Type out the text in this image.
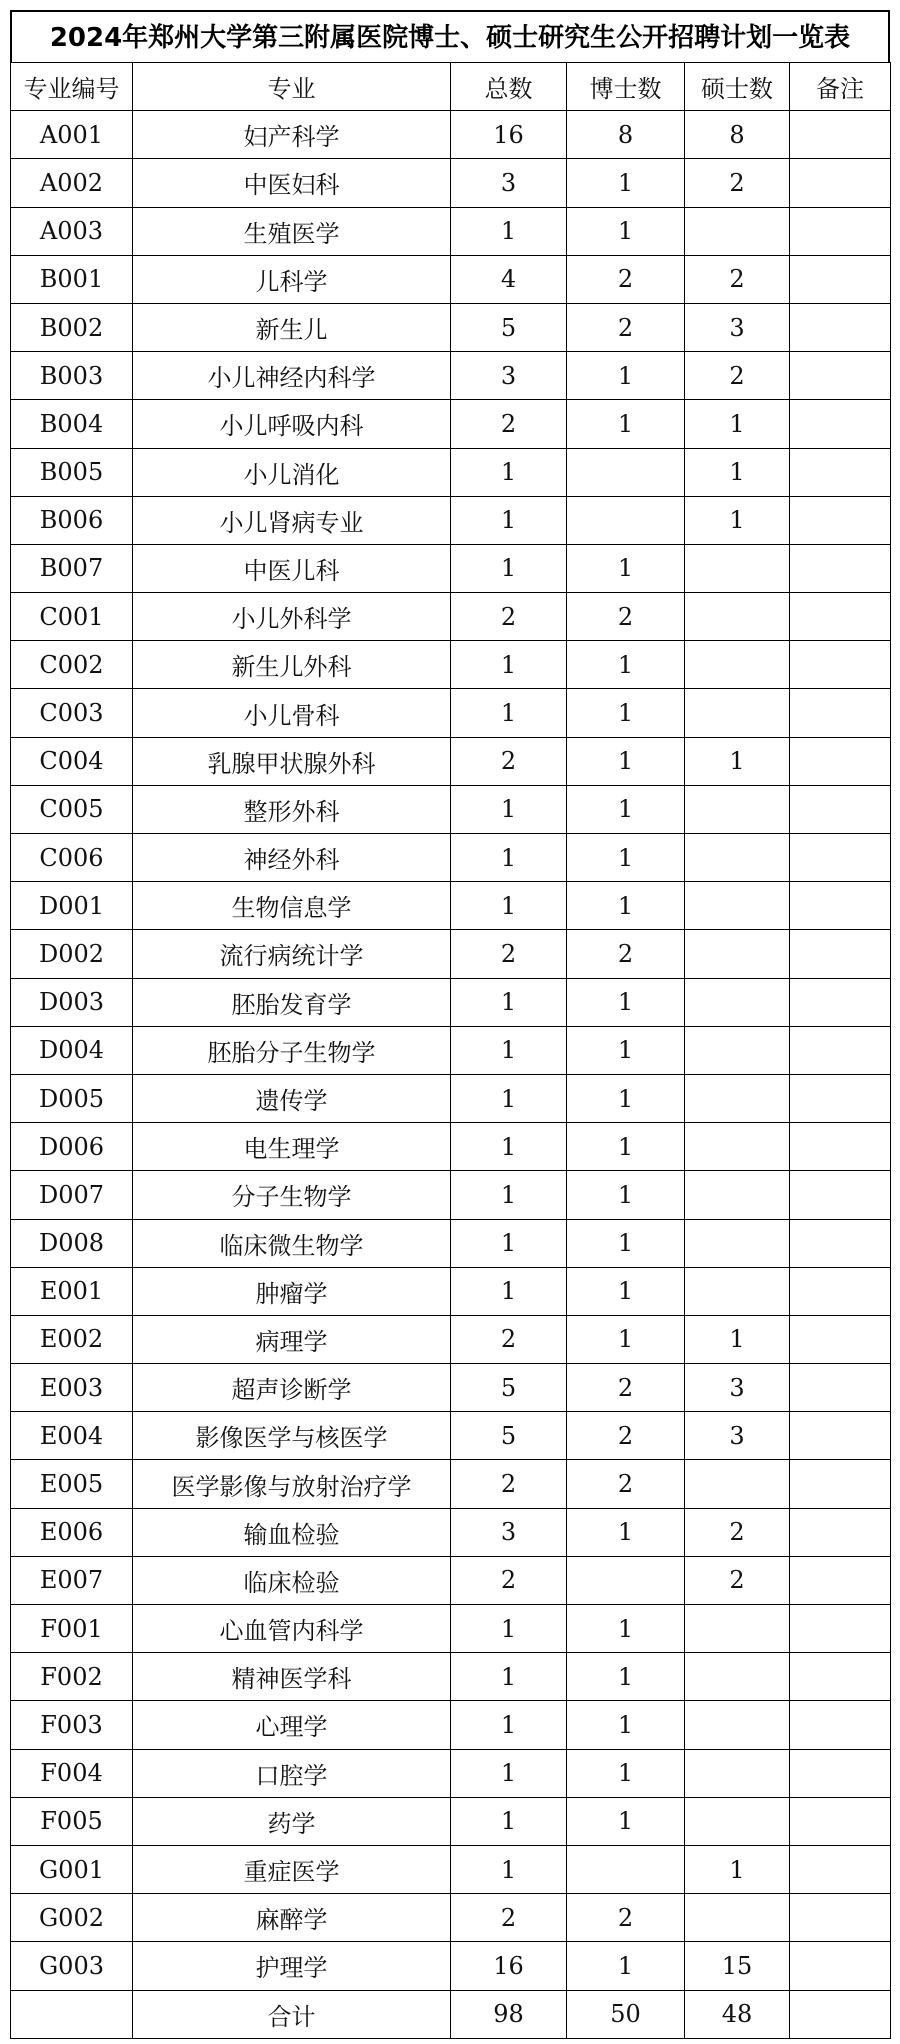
2024年郑州大学第三附属医院博士、硕士研究生公开招聘计划一览表
专业编号	专业	总数	博士数	硕士数	备注
A001	妇产科学	16	8	8	
A002	中医妇科	3	1	2	
A003	生殖医学	1	1		
B001	儿科学	4	2	2	
B002	新生儿	5	2	3	
B003	小儿神经内科学	3	1	2	
B004	小儿呼吸内科	2	1	1	
B005	小儿消化	1		1	
B006	小儿肾病专业	1		1	
B007	中医儿科	1	1		
C001	小儿外科学	2	2		
C002	新生儿外科	1	1		
C003	小儿骨科	1	1		
C004	乳腺甲状腺外科	2	1	1	
C005	整形外科	1	1		
C006	神经外科	1	1		
D001	生物信息学	1	1		
D002	流行病统计学	2	2		
D003	胚胎发育学	1	1		
D004	胚胎分子生物学	1	1		
D005	遗传学	1	1		
D006	电生理学	1	1		
D007	分子生物学	1	1		
D008	临床微生物学	1	1		
E001	肿瘤学	1	1		
E002	病理学	2	1	1	
E003	超声诊断学	5	2	3	
E004	影像医学与核医学	5	2	3	
E005	医学影像与放射治疗学	2	2		
E006	输血检验	3	1	2	
E007	临床检验	2		2	
F001	心血管内科学	1	1		
F002	精神医学科	1	1		
F003	心理学	1	1		
F004	口腔学	1	1		
F005	药学	1	1		
G001	重症医学	1		1	
G002	麻醉学	2	2		
G003	护理学	16	1	15	
	合计	98	50	48	
